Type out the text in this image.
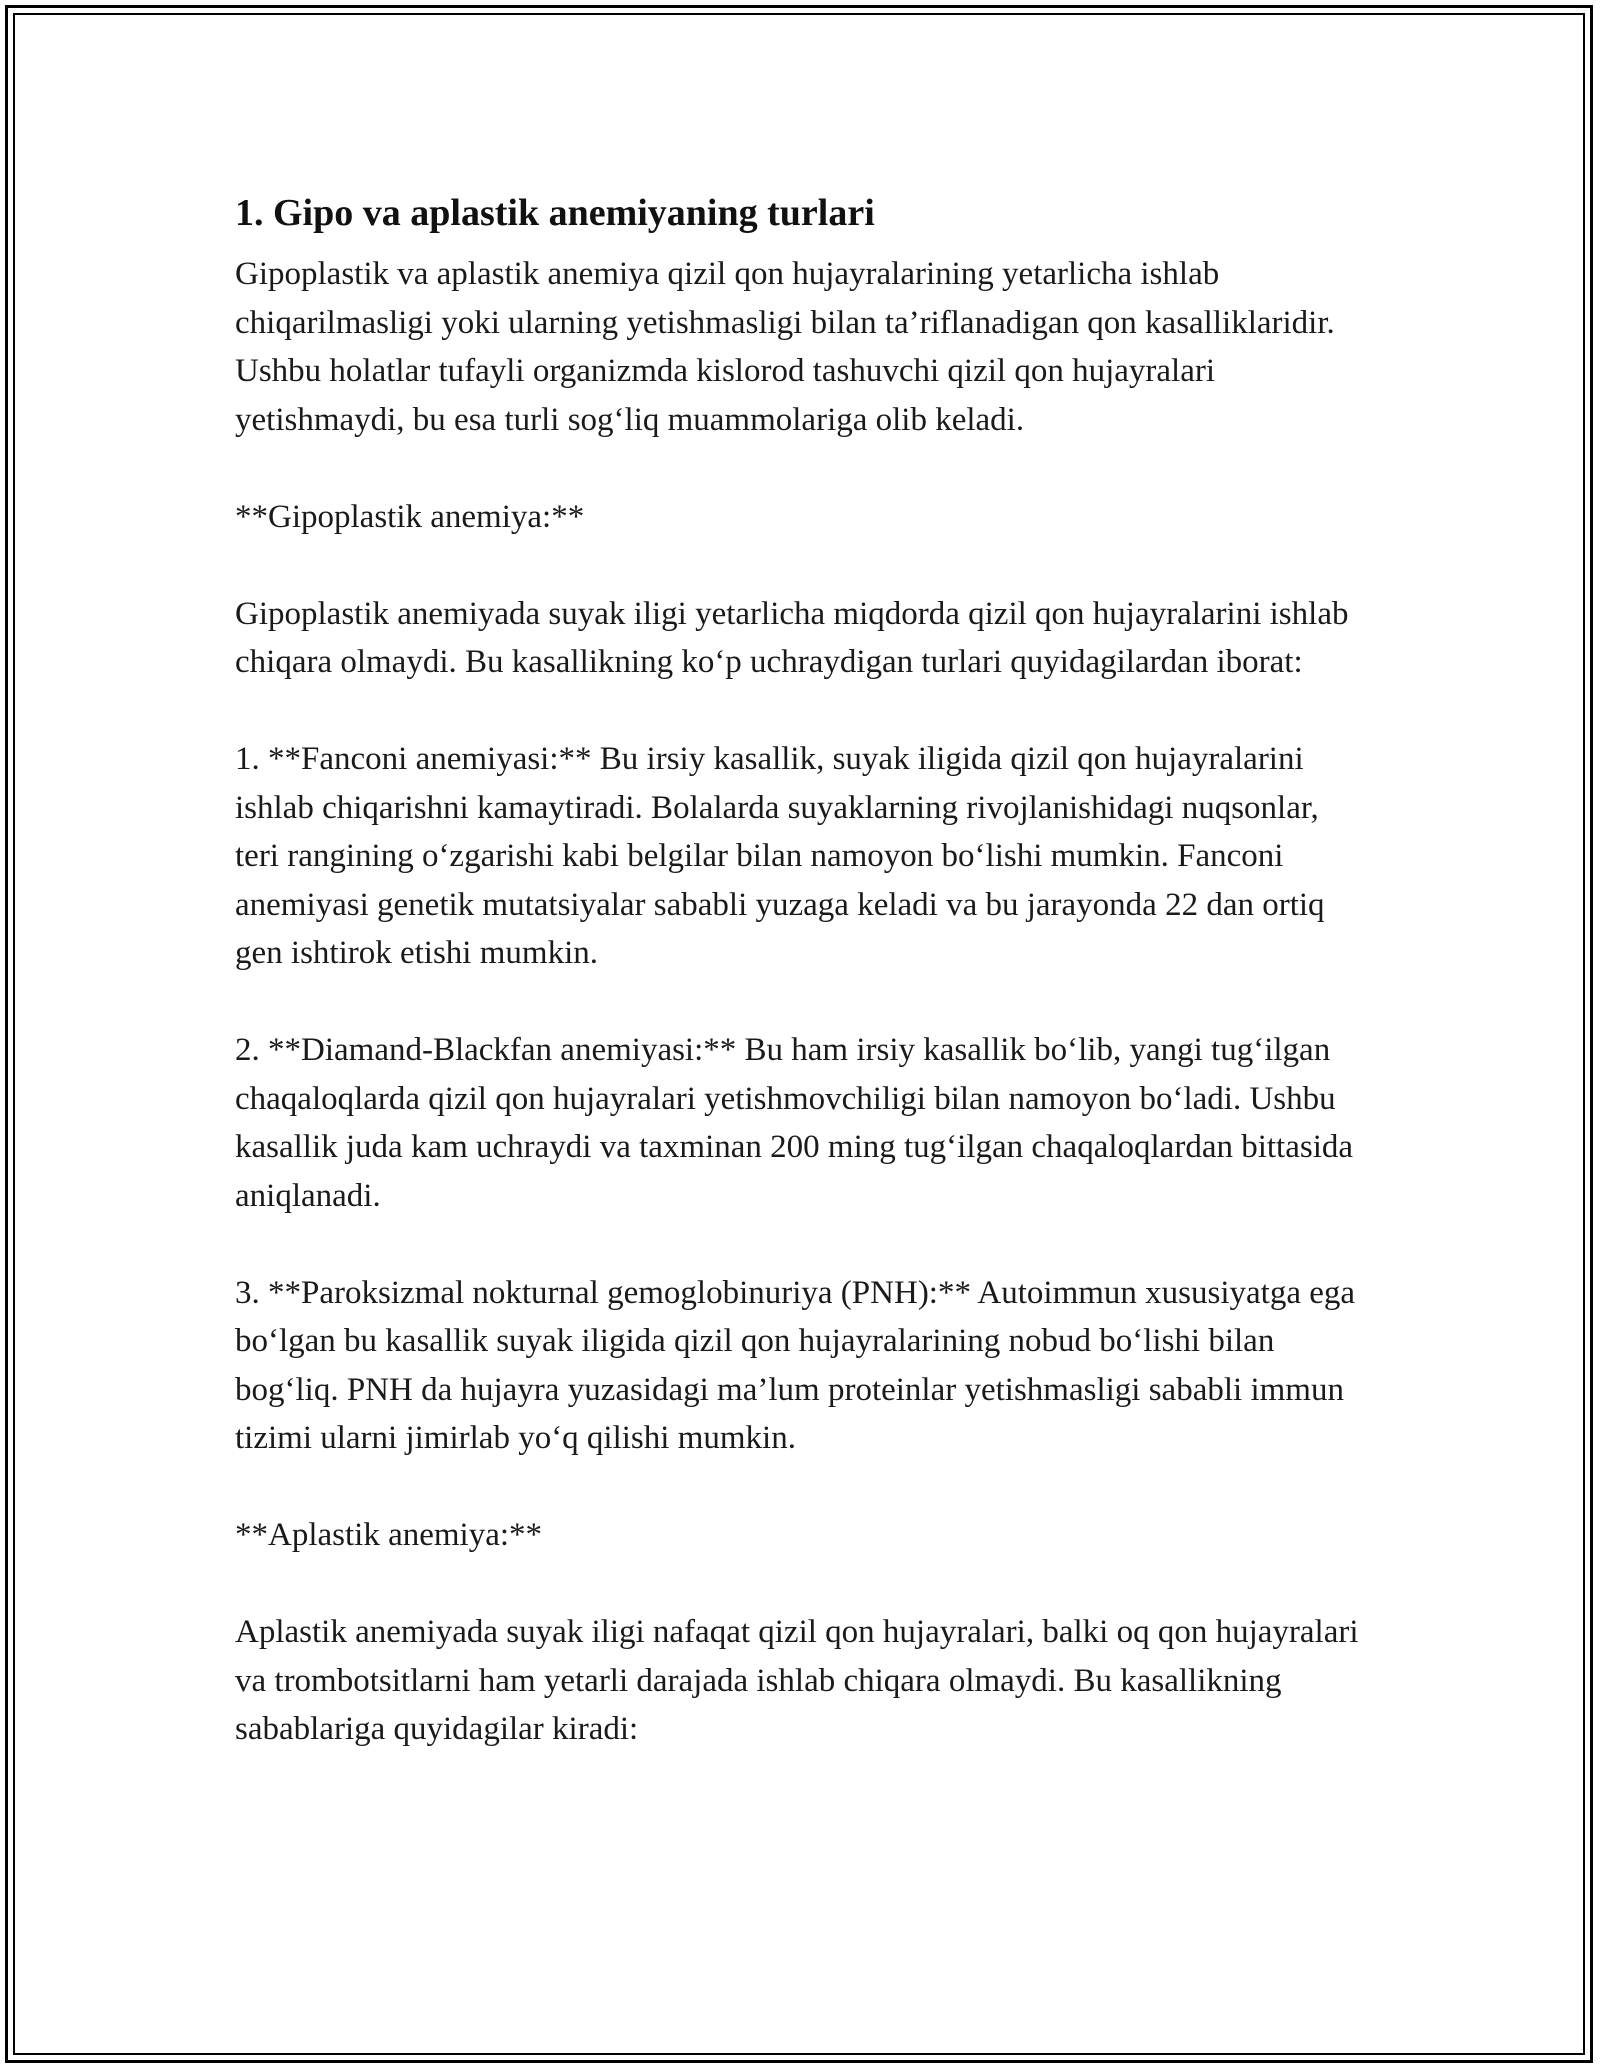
1. Gipo va aplastik anemiyaning turlari

Gipoplastik va aplastik anemiya qizil qon hujayralarining yetarlicha ishlab chiqarilmasligi yoki ularning yetishmasligi bilan ta’riflanadigan qon kasalliklaridir. Ushbu holatlar tufayli organizmda kislorod tashuvchi qizil qon hujayralari yetishmaydi, bu esa turli sog‘liq muammolariga olib keladi.

**Gipoplastik anemiya:**

Gipoplastik anemiyada suyak iligi yetarlicha miqdorda qizil qon hujayralarini ishlab chiqara olmaydi. Bu kasallikning ko‘p uchraydigan turlari quyidagilardan iborat:

1. **Fanconi anemiyasi:** Bu irsiy kasallik, suyak iligida qizil qon hujayralarini ishlab chiqarishni kamaytiradi. Bolalarda suyaklarning rivojlanishidagi nuqsonlar, teri rangining o‘zgarishi kabi belgilar bilan namoyon bo‘lishi mumkin. Fanconi anemiyasi genetik mutatsiyalar sababli yuzaga keladi va bu jarayonda 22 dan ortiq gen ishtirok etishi mumkin.

2. **Diamand-Blackfan anemiyasi:** Bu ham irsiy kasallik bo‘lib, yangi tug‘ilgan chaqaloqlarda qizil qon hujayralari yetishmovchiligi bilan namoyon bo‘ladi. Ushbu kasallik juda kam uchraydi va taxminan 200 ming tug‘ilgan chaqaloqlardan bittasida aniqlanadi.

3. **Paroksizmal nokturnal gemoglobinuriya (PNH):** Autoimmun xususiyatga ega bo‘lgan bu kasallik suyak iligida qizil qon hujayralarining nobud bo‘lishi bilan bog‘liq. PNH da hujayra yuzasidagi ma’lum proteinlar yetishmasligi sababli immun tizimi ularni jimirlab yo‘q qilishi mumkin.

**Aplastik anemiya:**

Aplastik anemiyada suyak iligi nafaqat qizil qon hujayralari, balki oq qon hujayralari va trombotsitlarni ham yetarli darajada ishlab chiqara olmaydi. Bu kasallikning sabablariga quyidagilar kiradi:
